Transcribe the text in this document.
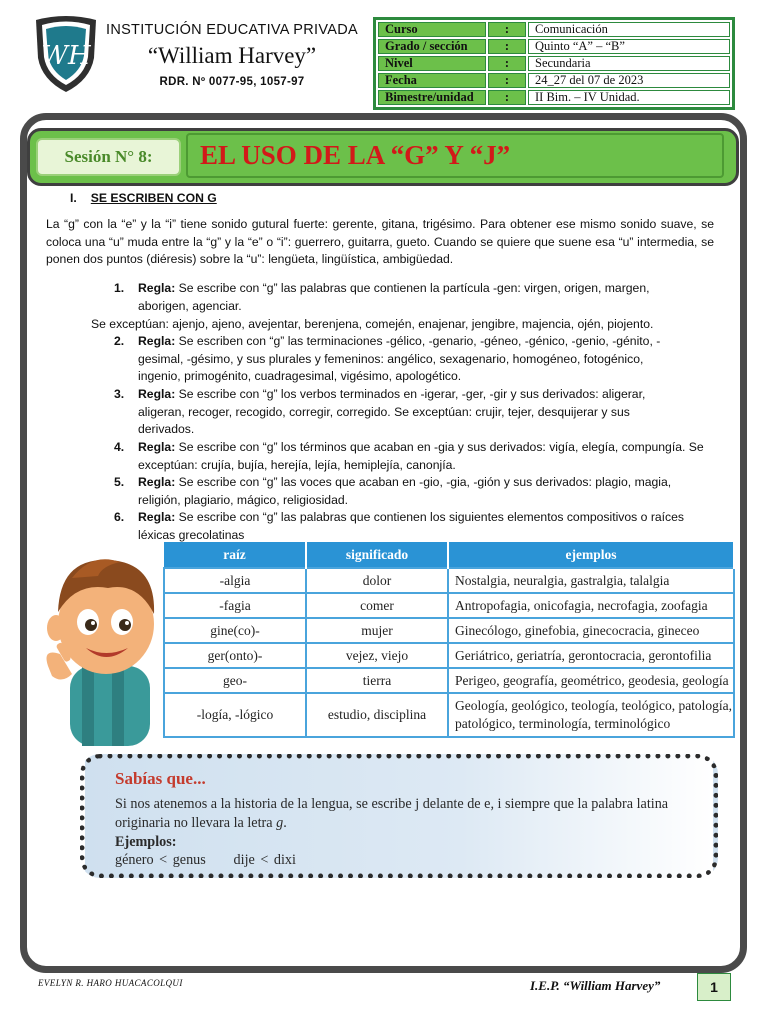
WH
INSTITUCIÓN EDUCATIVA PRIVADA
“William Harvey”
RDR. Nº 0077-95, 1057-97
Curso	:	Comunicación
Grado / sección	:	Quinto “A” – “B”
Nivel	:	Secundaria
Fecha	:	24_27 del 07 de 2023
Bimestre/unidad	:	II Bim. – IV Unidad.
Sesión N° 8:	EL USO DE LA “G” Y “J”
I. SE ESCRIBEN CON G
La “g” con la “e” y la “i” tiene sonido gutural fuerte: gerente, gitana, trigésimo. Para obtener ese mismo sonido suave, se coloca una “u” muda entre la “g” y la “e” o “i”: guerrero, guitarra, gueto. Cuando se quiere que suene esa “u” intermedia, se ponen dos puntos (diéresis) sobre la “u”: lengüeta, lingüística, ambigüedad.
1. Regla: Se escribe con “g” las palabras que contienen la partícula -gen: virgen, origen, margen, aborigen, agenciar.
Se exceptúan: ajenjo, ajeno, avejentar, berenjena, comején, enajenar, jengibre, majencia, ojén, piojento.
2. Regla: Se escriben con “g” las terminaciones -gélico, -genario, -géneo, -génico, -genio, -génito, -gesimal, -gésimo, y sus plurales y femeninos: angélico, sexagenario, homogéneo, fotogénico, ingenio, primogénito, cuadragesimal, vigésimo, apologético.
3. Regla: Se escribe con “g” los verbos terminados en -igerar, -ger, -gir y sus derivados: aligerar, aligeran, recoger, recogido, corregir, corregido. Se exceptúan: crujir, tejer, desquijerar y sus derivados.
4. Regla: Se escribe con “g” los términos que acaban en -gia y sus derivados: vigía, elegía, compungía. Se exceptúan: crujía, bujía, herejía, lejía, hemiplejía, canonjía.
5. Regla: Se escribe con “g” las voces que acaban en -gio, -gia, -gión y sus derivados: plagio, magia, religión, plagiario, mágico, religiosidad.
6. Regla: Se escribe con “g” las palabras que contienen los siguientes elementos compositivos o raíces léxicas grecolatinas
raíz	significado	ejemplos
-algia	dolor	Nostalgia, neuralgia, gastralgia, talalgia
-fagia	comer	Antropofagia, onicofagia, necrofagia, zoofagia
gine(co)-	mujer	Ginecólogo, ginefobia, ginecocracia, gineceo
ger(onto)-	vejez, viejo	Geriátrico, geriatría, gerontocracia, gerontofilia
geo-	tierra	Perigeo, geografía, geométrico, geodesia, geología
-logía, -lógico	estudio, disciplina	Geología, geológico, teología, teológico, patología, patológico, terminología, terminológico
Sabías que...
Si nos atenemos a la historia de la lengua, se escribe j delante de e, i siempre que la palabra latina originaria no llevara la letra g.
Ejemplos:
género < genus     dije < dixi
EVELYN R. HARO HUACACOLQUI	I.E.P. “William Harvey”	1
